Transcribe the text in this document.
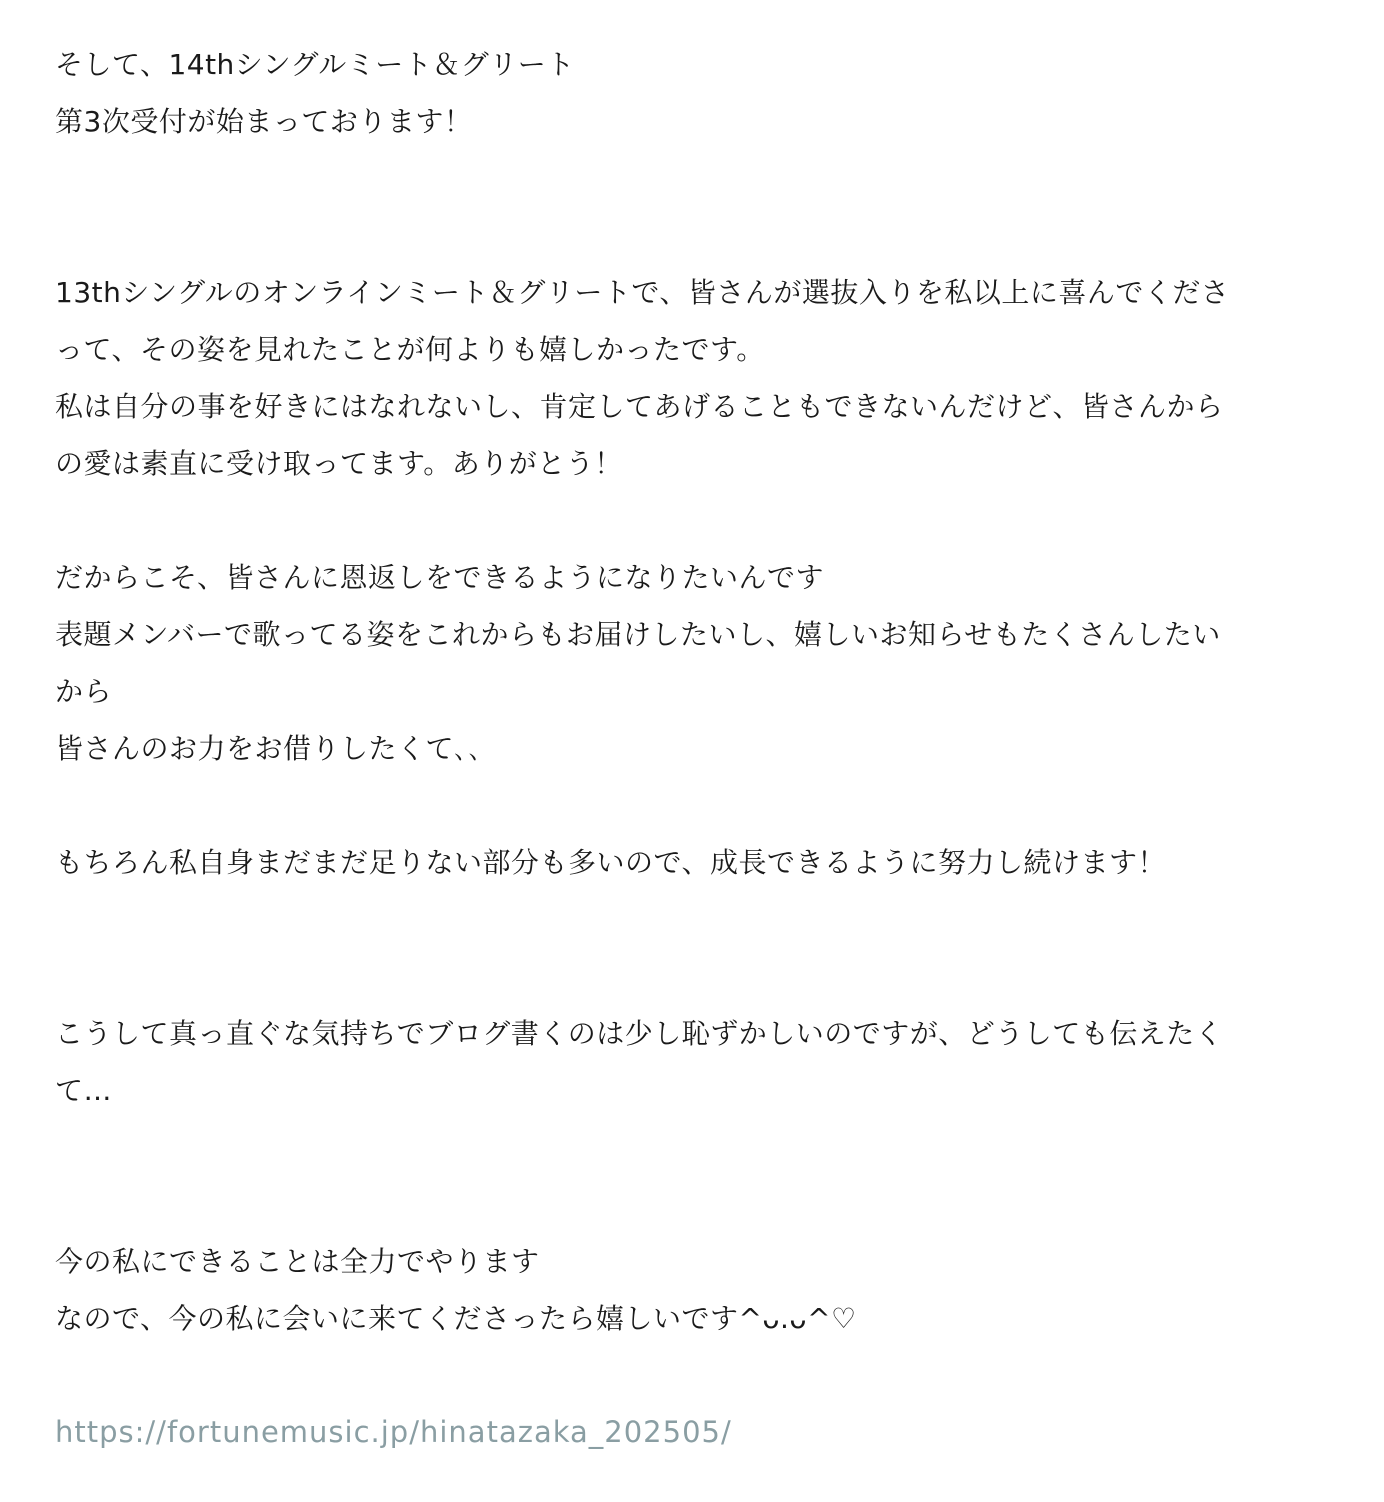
そして、14thシングルミート＆グリート
第3次受付が始まっております！
13thシングルのオンラインミート＆グリートで、皆さんが選抜入りを私以上に喜んでくださ
って、その姿を見れたことが何よりも嬉しかったです。
私は自分の事を好きにはなれないし、肯定してあげることもできないんだけど、皆さんから
の愛は素直に受け取ってます。ありがとう！
だからこそ、皆さんに恩返しをできるようになりたいんです
表題メンバーで歌ってる姿をこれからもお届けしたいし、嬉しいお知らせもたくさんしたい
から
皆さんのお力をお借りしたくて､､
もちろん私自身まだまだ足りない部分も多いので、成長できるように努力し続けます！
こうして真っ直ぐな気持ちでブログ書くのは少し恥ずかしいのですが、どうしても伝えたく
て…
今の私にできることは全力でやります
なので、今の私に会いに来てくださったら嬉しいです^ᴗ.ᴗ^♡
https://fortunemusic.jp/hinatazaka_202505/
